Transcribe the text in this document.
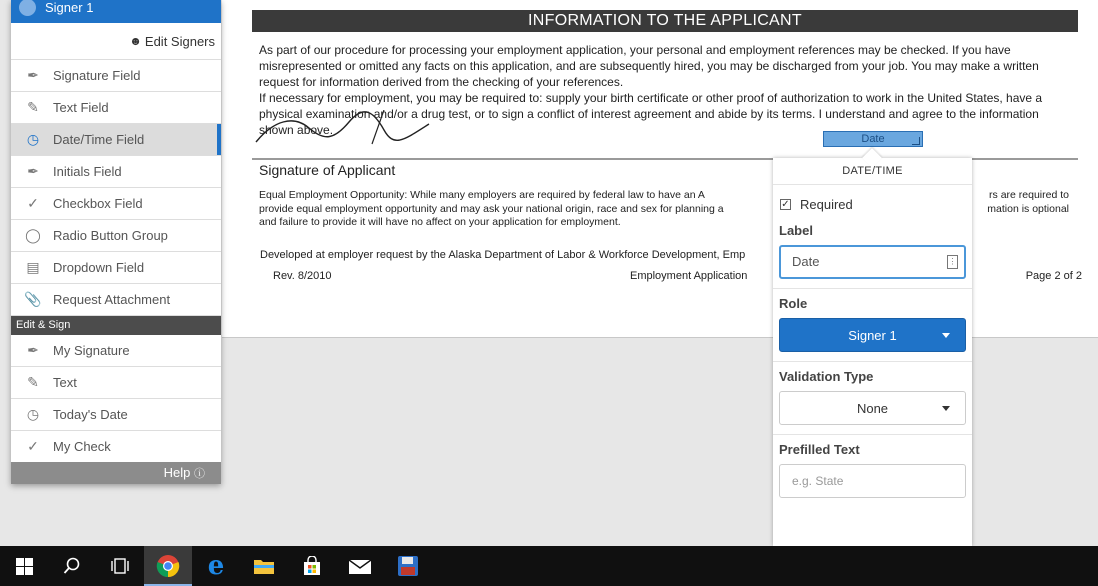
INFORMATION TO THE APPLICANT

As part of our procedure for processing your employment application, your personal and employment references may be checked. If you have misrepresented or omitted any facts on this application, and are subsequently hired, you may be discharged from your job. You may make a written request for information derived from the checking of your references.

If necessary for employment, you may be required to: supply your birth certificate or other proof of authorization to work in the United States, have a physical examination and/or a drug test, or to sign a conflict of interest agreement and abide by its terms. I understand and agree to the information shown above.

Date
Signature of Applicant
Equal Employment Opportunity: While many employers are required by federal law to have an A	rs are required to
provide equal employment opportunity and may ask your national origin, race and sex for planning a	mation is optional
and failure to provide it will have no affect on your application for employment.
Developed at employer request by the Alaska Department of Labor & Workforce Development, Emp
Rev. 8/2010	Employment Application	Page 2 of 2
Signer 1
☻ Edit Signers
✒	Signature Field
✎	Text Field
◷ Date/Time Field
✒	Initials Field
✓	Checkbox Field
◯ Radio Button Group
▤ Dropdown Field
📎 Request Attachment
Edit & Sign
✒	My Signature
✎	Text
◷ Today's Date
✓	My Check
Help ⓘ
DATE/TIME
✓ Required
Label
Date	⋮
Role
Signer 1
Validation Type
None
Prefilled Text
e.g. State
e
